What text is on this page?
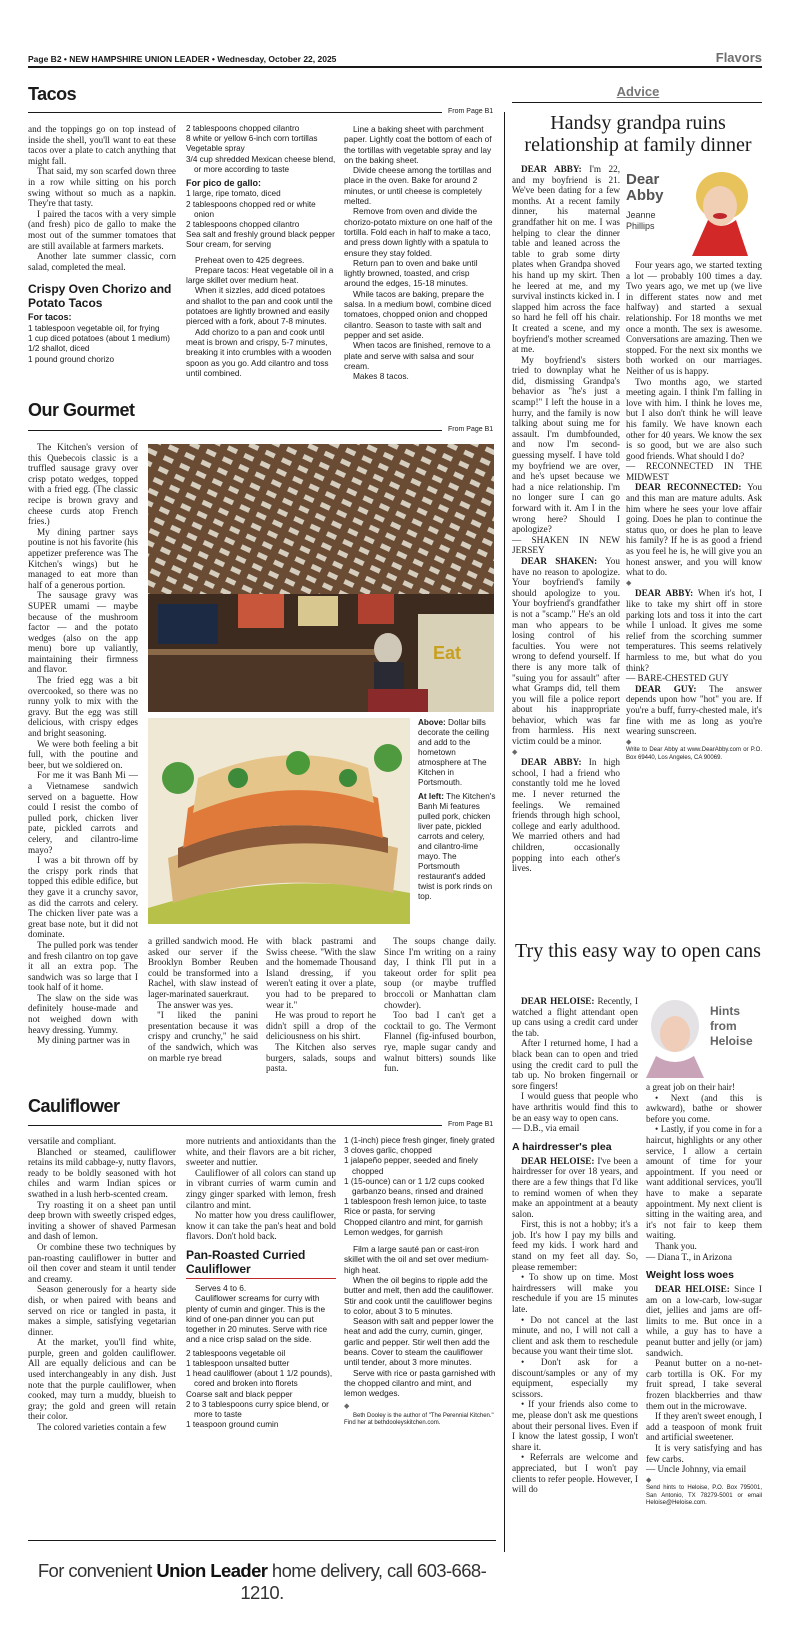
Page B2 • NEW HAMPSHIRE UNION LEADER • Wednesday, October 22, 2025	Flavors
Tacos
From Page B1

and the toppings go on top instead of inside the shell, you'll want to eat these tacos over a plate to catch anything that might fall.

That said, my son scarfed down three in a row while sitting on his porch swing without so much as a napkin. They're that tasty.

I paired the tacos with a very simple (and fresh) pico de gallo to make the most out of the summer tomatoes that are still available at farmers markets.

Another late summer classic, corn salad, completed the meal.

Crispy Oven Chorizo and Potato Tacos
For tacos:
1 tablespoon vegetable oil, for frying
1 cup diced potatoes (about 1 medium)
1/2 shallot, diced
1 pound ground chorizo
2 tablespoons chopped cilantro
8 white or yellow 6-inch corn tortillas
Vegetable spray
3/4 cup shredded Mexican cheese blend, or more according to taste
For pico de gallo:
1 large, ripe tomato, diced
2 tablespoons chopped red or white onion
2 tablespoons chopped cilantro
Sea salt and freshly ground black pepper
Sour cream, for serving

Preheat oven to 425 degrees.

Prepare tacos: Heat vegetable oil in a large skillet over medium heat.

When it sizzles, add diced potatoes and shallot to the pan and cook until the potatoes are lightly browned and easily pierced with a fork, about 7-8 minutes.

Add chorizo to a pan and cook until meat is brown and crispy, 5-7 minutes, breaking it into crumbles with a wooden spoon as you go. Add cilantro and toss until combined.

Line a baking sheet with parchment paper. Lightly coat the bottom of each of the tortillas with vegetable spray and lay on the baking sheet.

Divide cheese among the tortillas and place in the oven. Bake for around 2 minutes, or until cheese is completely melted.

Remove from oven and divide the chorizo-potato mixture on one half of the tortilla. Fold each in half to make a taco, and press down lightly with a spatula to ensure they stay folded.

Return pan to oven and bake until lightly browned, toasted, and crisp around the edges, 15-18 minutes.

While tacos are baking, prepare the salsa. In a medium bowl, combine diced tomatoes, chopped onion and chopped cilantro. Season to taste with salt and pepper and set aside.

When tacos are finished, remove to a plate and serve with salsa and sour cream.

Makes 8 tacos.

Our Gourmet
From Page B1

The Kitchen's version of this Quebecois classic is a truffled sausage gravy over crisp potato wedges, topped with a fried egg. (The classic recipe is brown gravy and cheese curds atop French fries.)

My dining partner says poutine is not his favorite (his appetizer preference was The Kitchen's wings) but he managed to eat more than half of a generous portion.

The sausage gravy was SUPER umami — maybe because of the mushroom factor — and the potato wedges (also on the app menu) bore up valiantly, maintaining their firmness and flavor.

The fried egg was a bit overcooked, so there was no runny yolk to mix with the gravy. But the egg was still delicious, with crispy edges and bright seasoning.

We were both feeling a bit full, with the poutine and beer, but we soldiered on.

For me it was Banh Mi — a Vietnamese sandwich served on a baguette. How could I resist the combo of pulled pork, chicken liver pate, pickled carrots and celery, and cilantro-lime mayo?

I was a bit thrown off by the crispy pork rinds that topped this edible edifice, but they gave it a crunchy savor, as did the carrots and celery. The chicken liver pate was a great base note, but it did not dominate.

The pulled pork was tender and fresh cilantro on top gave it all an extra pop. The sandwich was so large that I took half of it home.

The slaw on the side was definitely house-made and not weighed down with heavy dressing. Yummy.

My dining partner was in

Eat
Above: Dollar bills decorate the ceiling and add to the hometown atmosphere at The Kitchen in Portsmouth.
At left: The Kitchen's Banh Mi features pulled pork, chicken liver pate, pickled carrots and celery, and cilantro-lime mayo. The Portsmouth restaurant's added twist is pork rinds on top.

a grilled sandwich mood. He asked our server if the Brooklyn Bomber Reuben could be transformed into a Rachel, with slaw instead of lager-marinated sauerkraut.

The answer was yes.

"I liked the panini presentation because it was crispy and crunchy," he said of the sandwich, which was on marble rye bread

with black pastrami and Swiss cheese. "With the slaw and the homemade Thousand Island dressing, if you weren't eating it over a plate, you had to be prepared to wear it."

He was proud to report he didn't spill a drop of the deliciousness on his shirt.

The Kitchen also serves burgers, salads, soups and pasta.

The soups change daily. Since I'm writing on a rainy day, I think I'll put in a takeout order for split pea soup (or maybe truffled broccoli or Manhattan clam chowder).

Too bad I can't get a cocktail to go. The Vermont Flannel (fig-infused bourbon, rye, maple sugar candy and walnut bitters) sounds like fun.

Cauliflower
From Page B1

versatile and compliant.

Blanched or steamed, cauliflower retains its mild cabbage-y, nutty flavors, ready to be boldly seasoned with hot chiles and warm Indian spices or swathed in a lush herb-scented cream.

Try roasting it on a sheet pan until deep brown with sweetly crisped edges, inviting a shower of shaved Parmesan and dash of lemon.

Or combine these two techniques by pan-roasting cauliflower in butter and oil then cover and steam it until tender and creamy.

Season generously for a hearty side dish, or when paired with beans and served on rice or tangled in pasta, it makes a simple, satisfying vegetarian dinner.

At the market, you'll find white, purple, green and golden cauliflower. All are equally delicious and can be used interchangeably in any dish. Just note that the purple cauliflower, when cooked, may turn a muddy, blueish to gray; the gold and green will retain their color.

The colored varieties contain a few

more nutrients and antioxidants than the white, and their flavors are a bit richer, sweeter and nuttier.

Cauliflower of all colors can stand up in vibrant curries of warm cumin and zingy ginger sparked with lemon, fresh cilantro and mint.

No matter how you dress cauliflower, know it can take the pan's heat and bold flavors. Don't hold back.

Pan-Roasted Curried Cauliflower

Serves 4 to 6.

Cauliflower screams for curry with plenty of cumin and ginger. This is the kind of one-pan dinner you can put together in 20 minutes. Serve with rice and a nice crisp salad on the side.

2 tablespoons vegetable oil
1 tablespoon unsalted butter
1 head cauliflower (about 1 1/2 pounds), cored and broken into florets
Coarse salt and black pepper
2 to 3 tablespoons curry spice blend, or more to taste
1 teaspoon ground cumin
1 (1-inch) piece fresh ginger, finely grated
3 cloves garlic, chopped
1 jalapeño pepper, seeded and finely chopped
1 (15-ounce) can or 1 1/2 cups cooked garbanzo beans, rinsed and drained
1 tablespoon fresh lemon juice, to taste
Rice or pasta, for serving
Chopped cilantro and mint, for garnish
Lemon wedges, for garnish

Film a large sauté pan or cast-iron skillet with the oil and set over medium-high heat.

When the oil begins to ripple add the butter and melt, then add the cauliflower. Stir and cook until the cauliflower begins to color, about 3 to 5 minutes.

Season with salt and pepper lower the heat and add the curry, cumin, ginger, garlic and pepper. Stir well then add the beans. Cover to steam the cauliflower until tender, about 3 more minutes.

Serve with rice or pasta garnished with the chopped cilantro and mint, and lemon wedges.

◆

Beth Dooley is the author of "The Perennial Kitchen." Find her at bethdooleyskitchen.com.

For convenient Union Leader home delivery, call 603-668-1210.
Advice
Handsy grandpa ruins relationship at family dinner

DEAR ABBY: I'm 22, and my boyfriend is 21. We've been dating for a few months. At a recent family dinner, his maternal grandfather hit on me. I was helping to clear the dinner table and leaned across the table to grab some dirty plates when Grandpa shoved his hand up my skirt. Then he leered at me, and my survival instincts kicked in. I slapped him across the face so hard he fell off his chair. It created a scene, and my boyfriend's mother screamed at me.

My boyfriend's sisters tried to downplay what he did, dismissing Grandpa's behavior as "he's just a scamp!" I left the house in a hurry, and the family is now talking about suing me for assault. I'm dumbfounded, and now I'm second-guessing myself. I have told my boyfriend we are over, and he's upset because we had a nice relationship. I'm no longer sure I can go forward with it. Am I in the wrong here? Should I apologize?

— SHAKEN IN NEW JERSEY

DEAR SHAKEN: You have no reason to apologize. Your boyfriend's family should apologize to you. Your boyfriend's grandfather is not a "scamp." He's an old man who appears to be losing control of his faculties. You were not wrong to defend yourself. If there is any more talk of "suing you for assault" after what Gramps did, tell them you will file a police report about his inappropriate behavior, which was far from harmless. His next victim could be a minor.

◆

DEAR ABBY: In high school, I had a friend who constantly told me he loved me. I never returned the feelings. We remained friends through high school, college and early adulthood. We married others and had children, occasionally popping into each other's lives.

Dear Abby
Jeanne Phillips

Four years ago, we started texting a lot — probably 100 times a day. Two years ago, we met up (we live in different states now and met halfway) and started a sexual relationship. For 18 months we met once a month. The sex is awesome. Conversations are amazing. Then we stopped. For the next six months we both worked on our marriages. Neither of us is happy.

Two months ago, we started meeting again. I think I'm falling in love with him. I think he loves me, but I also don't think he will leave his family. We have known each other for 40 years. We know the sex is so good, but we are also such good friends. What should I do?

— RECONNECTED IN THE MIDWEST

DEAR RECONNECTED: You and this man are mature adults. Ask him where he sees your love affair going. Does he plan to continue the status quo, or does he plan to leave his family? If he is as good a friend as you feel he is, he will give you an honest answer, and you will know what to do.

◆

DEAR ABBY: When it's hot, I like to take my shirt off in store parking lots and toss it into the cart while I unload. It gives me some relief from the scorching summer temperatures. This seems relatively harmless to me, but what do you think?

— BARE-CHESTED GUY

DEAR GUY: The answer depends upon how "hot" you are. If you're a buff, furry-chested male, it's fine with me as long as you're wearing sunscreen.

◆

Write to Dear Abby at www.DearAbby.com or P.O. Box 69440, Los Angeles, CA 90069.

Try this easy way to open cans

DEAR HELOISE: Recently, I watched a flight attendant open up cans using a credit card under the tab.

After I returned home, I had a black bean can to open and tried using the credit card to pull the tab up. No broken fingernail or sore fingers!

I would guess that people who have arthritis would find this to be an easy way to open cans.

— D.B., via email

A hairdresser's plea

DEAR HELOISE: I've been a hairdresser for over 18 years, and there are a few things that I'd like to remind women of when they make an appointment at a beauty salon.

First, this is not a hobby; it's a job. It's how I pay my bills and feed my kids. I work hard and stand on my feet all day. So, please remember:

• To show up on time. Most hairdressers will make you reschedule if you are 15 minutes late.

• Do not cancel at the last minute, and no, I will not call a client and ask them to reschedule because you want their time slot.

• Don't ask for a discount/samples or any of my equipment, especially my scissors.

• If your friends also come to me, please don't ask me questions about their personal lives. Even if I know the latest gossip, I won't share it.

• Referrals are welcome and appreciated, but I won't pay clients to refer people. However, I will do

Hints from Heloise

a great job on their hair!

• Next (and this is awkward), bathe or shower before you come.

• Lastly, if you come in for a haircut, highlights or any other service, I allow a certain amount of time for your appointment. If you need or want additional services, you'll have to make a separate appointment. My next client is sitting in the waiting area, and it's not fair to keep them waiting.

Thank you.

— Diana T., in Arizona

Weight loss woes

DEAR HELOISE: Since I am on a low-carb, low-sugar diet, jellies and jams are off-limits to me. But once in a while, a guy has to have a peanut butter and jelly (or jam) sandwich.

Peanut butter on a no-net-carb tortilla is OK. For my fruit spread, I take several frozen blackberries and thaw them out in the microwave.

If they aren't sweet enough, I add a teaspoon of monk fruit and artificial sweetener.

It is very satisfying and has few carbs.

— Uncle Johnny, via email

◆

Send hints to Heloise, P.O. Box 795001, San Antonio, TX 78279-5001 or email Heloise@Heloise.com.
